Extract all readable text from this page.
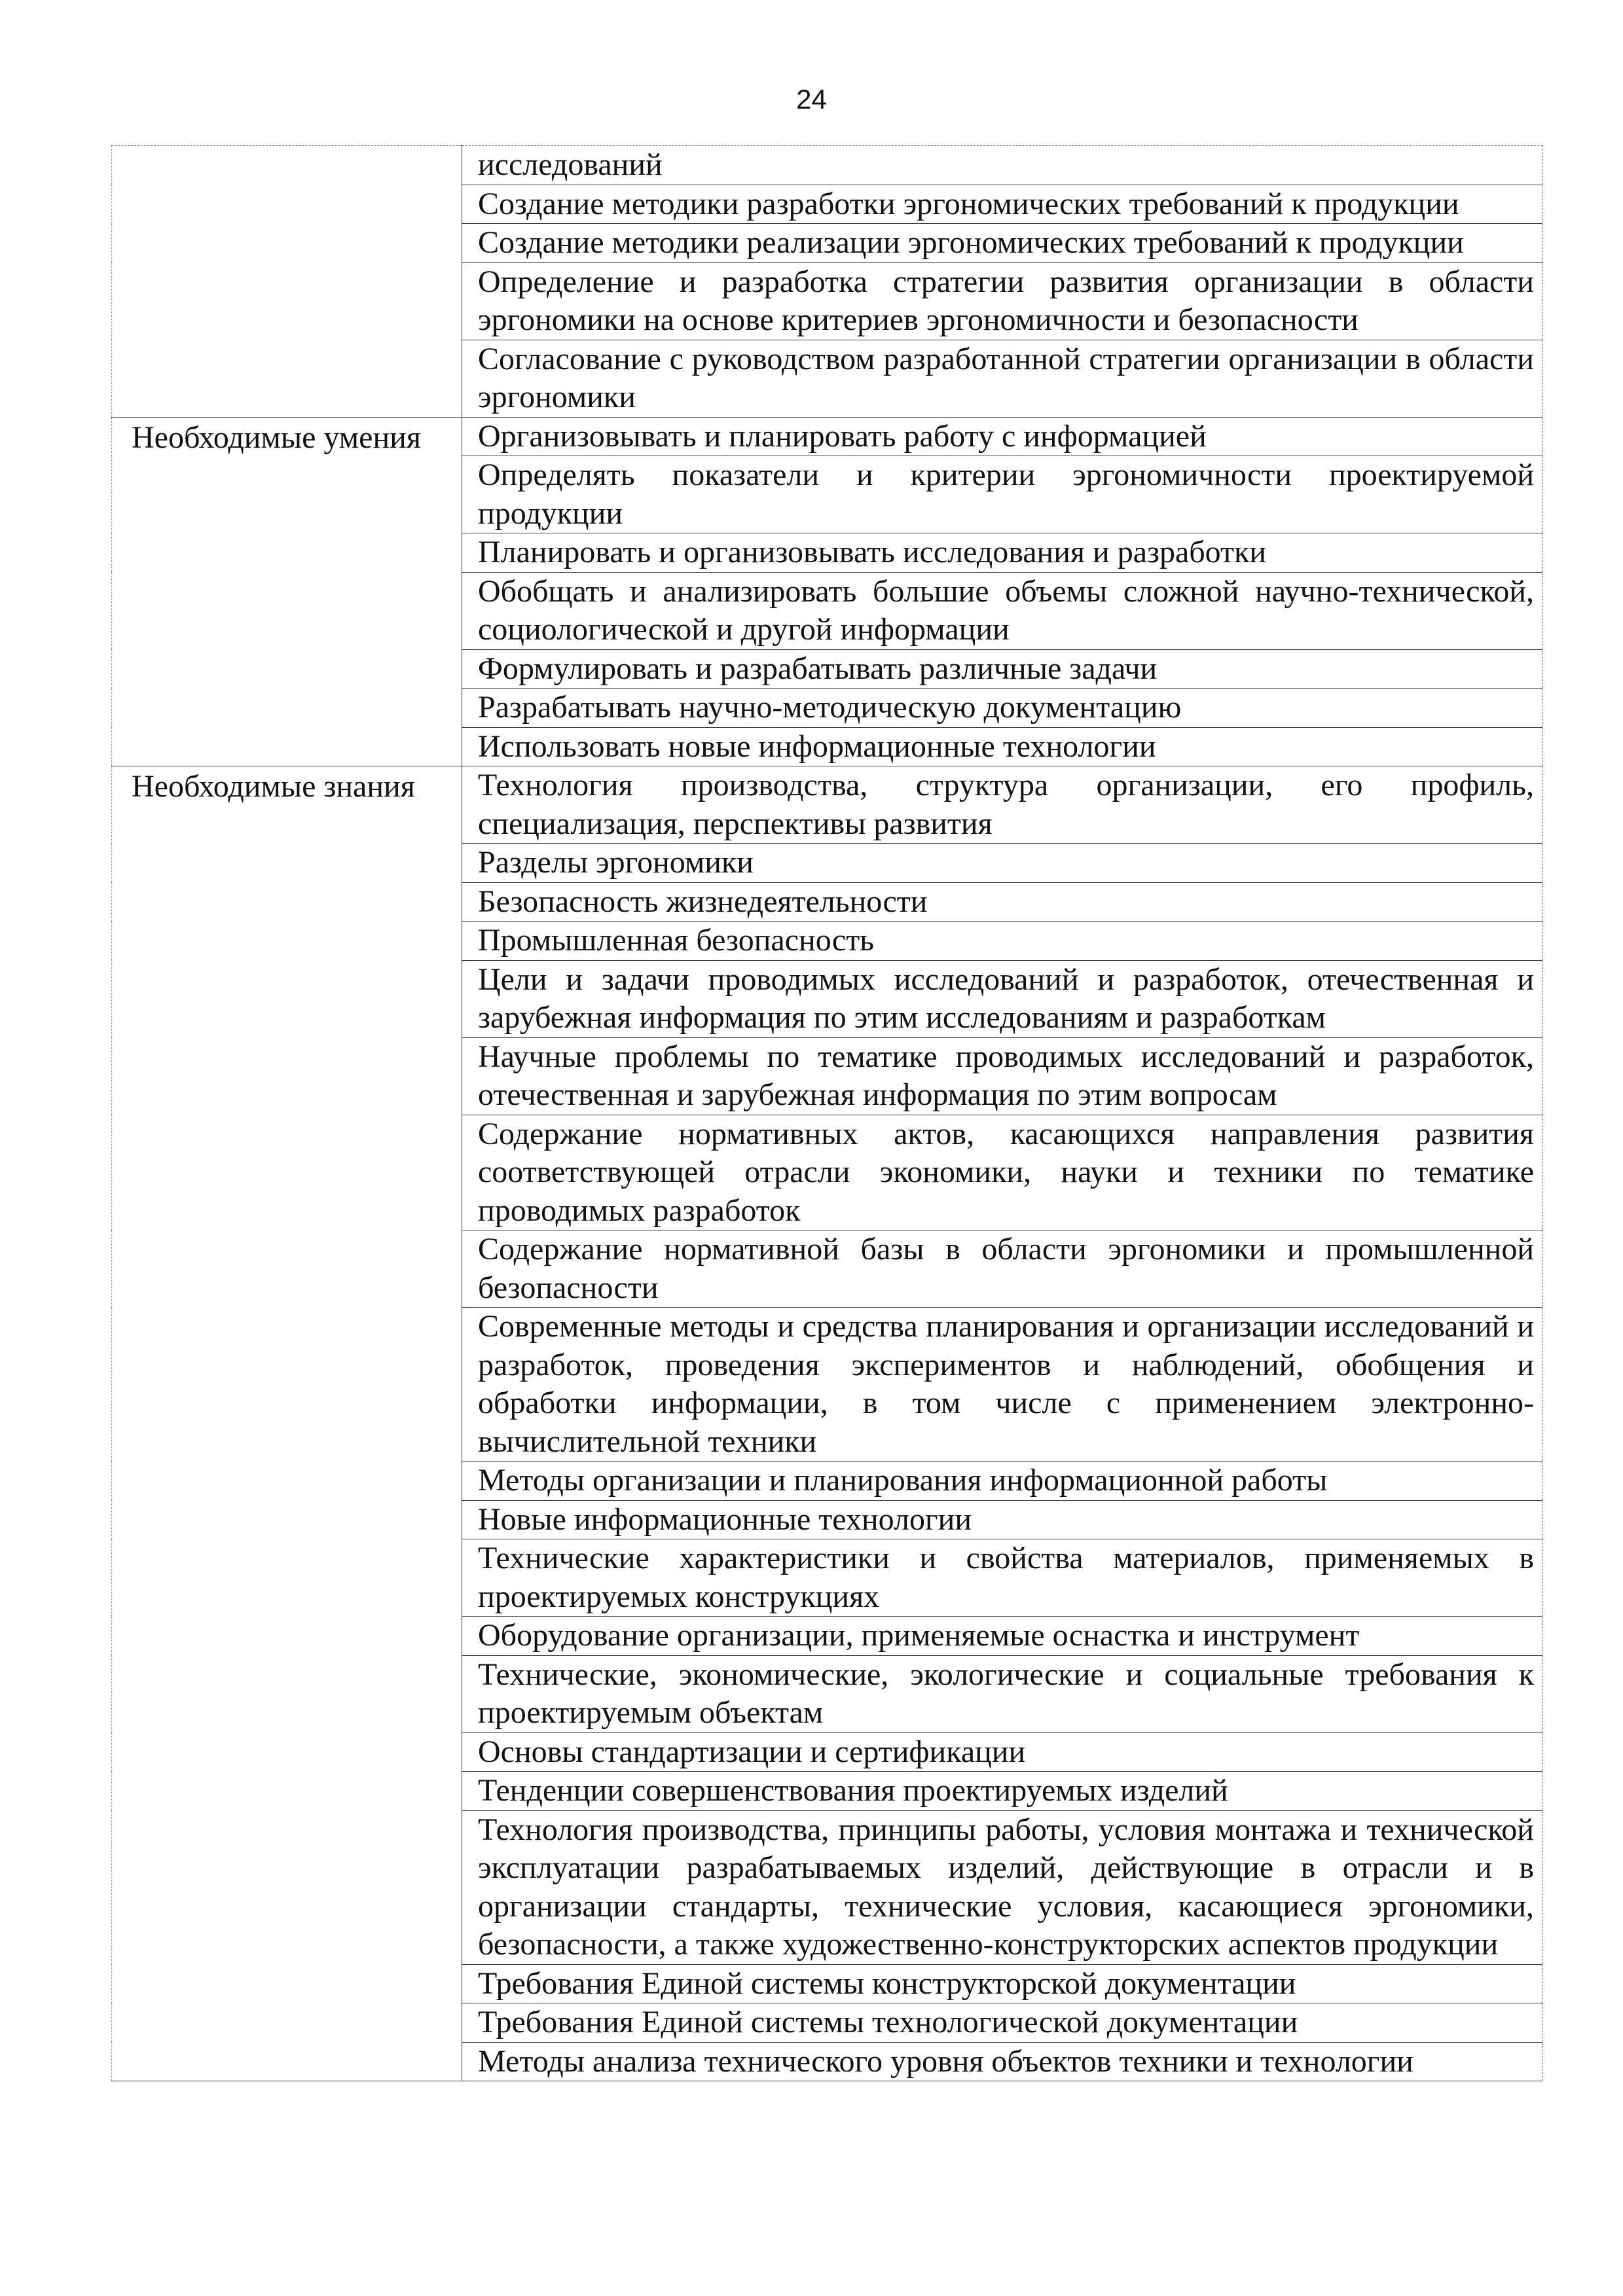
24
	исследований
	Создание методики разработки эргономических требований к продукции
	Создание методики реализации эргономических требований к продукции
	Определение и разработка стратегии развития организации в области эргономики на основе критериев эргономичности и безопасности
	Согласование с руководством разработанной стратегии организации в области эргономики
Необходимые умения	Организовывать и планировать работу с информацией
	Определять показатели и критерии эргономичности проектируемой продукции
	Планировать и организовывать исследования и разработки
	Обобщать и анализировать большие объемы сложной научно-технической, социологической и другой информации
	Формулировать и разрабатывать различные задачи
	Разрабатывать научно-методическую документацию
	Использовать новые информационные технологии
Необходимые знания	Технология производства, структура организации, его профиль, специализация, перспективы развития
	Разделы эргономики
	Безопасность жизнедеятельности
	Промышленная безопасность
	Цели и задачи проводимых исследований и разработок, отечественная и зарубежная информация по этим исследованиям и разработкам
	Научные проблемы по тематике проводимых исследований и разработок, отечественная и зарубежная информация по этим вопросам
	Содержание нормативных актов, касающихся направления развития соответствующей отрасли экономики, науки и техники по тематике проводимых разработок
	Содержание нормативной базы в области эргономики и промышленной безопасности
	Современные методы и средства планирования и организации исследований и разработок, проведения экспериментов и наблюдений, обобщения и обработки информации, в том числе с применением электронно-вычислительной техники
	Методы организации и планирования информационной работы
	Новые информационные технологии
	Технические характеристики и свойства материалов, применяемых в проектируемых конструкциях
	Оборудование организации, применяемые оснастка и инструмент
	Технические, экономические, экологические и социальные требования к проектируемым объектам
	Основы стандартизации и сертификации
	Тенденции совершенствования проектируемых изделий
	Технология производства, принципы работы, условия монтажа и технической эксплуатации разрабатываемых изделий, действующие в отрасли и в организации стандарты, технические условия, касающиеся эргономики, безопасности, а также художественно-конструкторских аспектов продукции
	Требования Единой системы конструкторской документации
	Требования Единой системы технологической документации
	Методы анализа технического уровня объектов техники и технологии
